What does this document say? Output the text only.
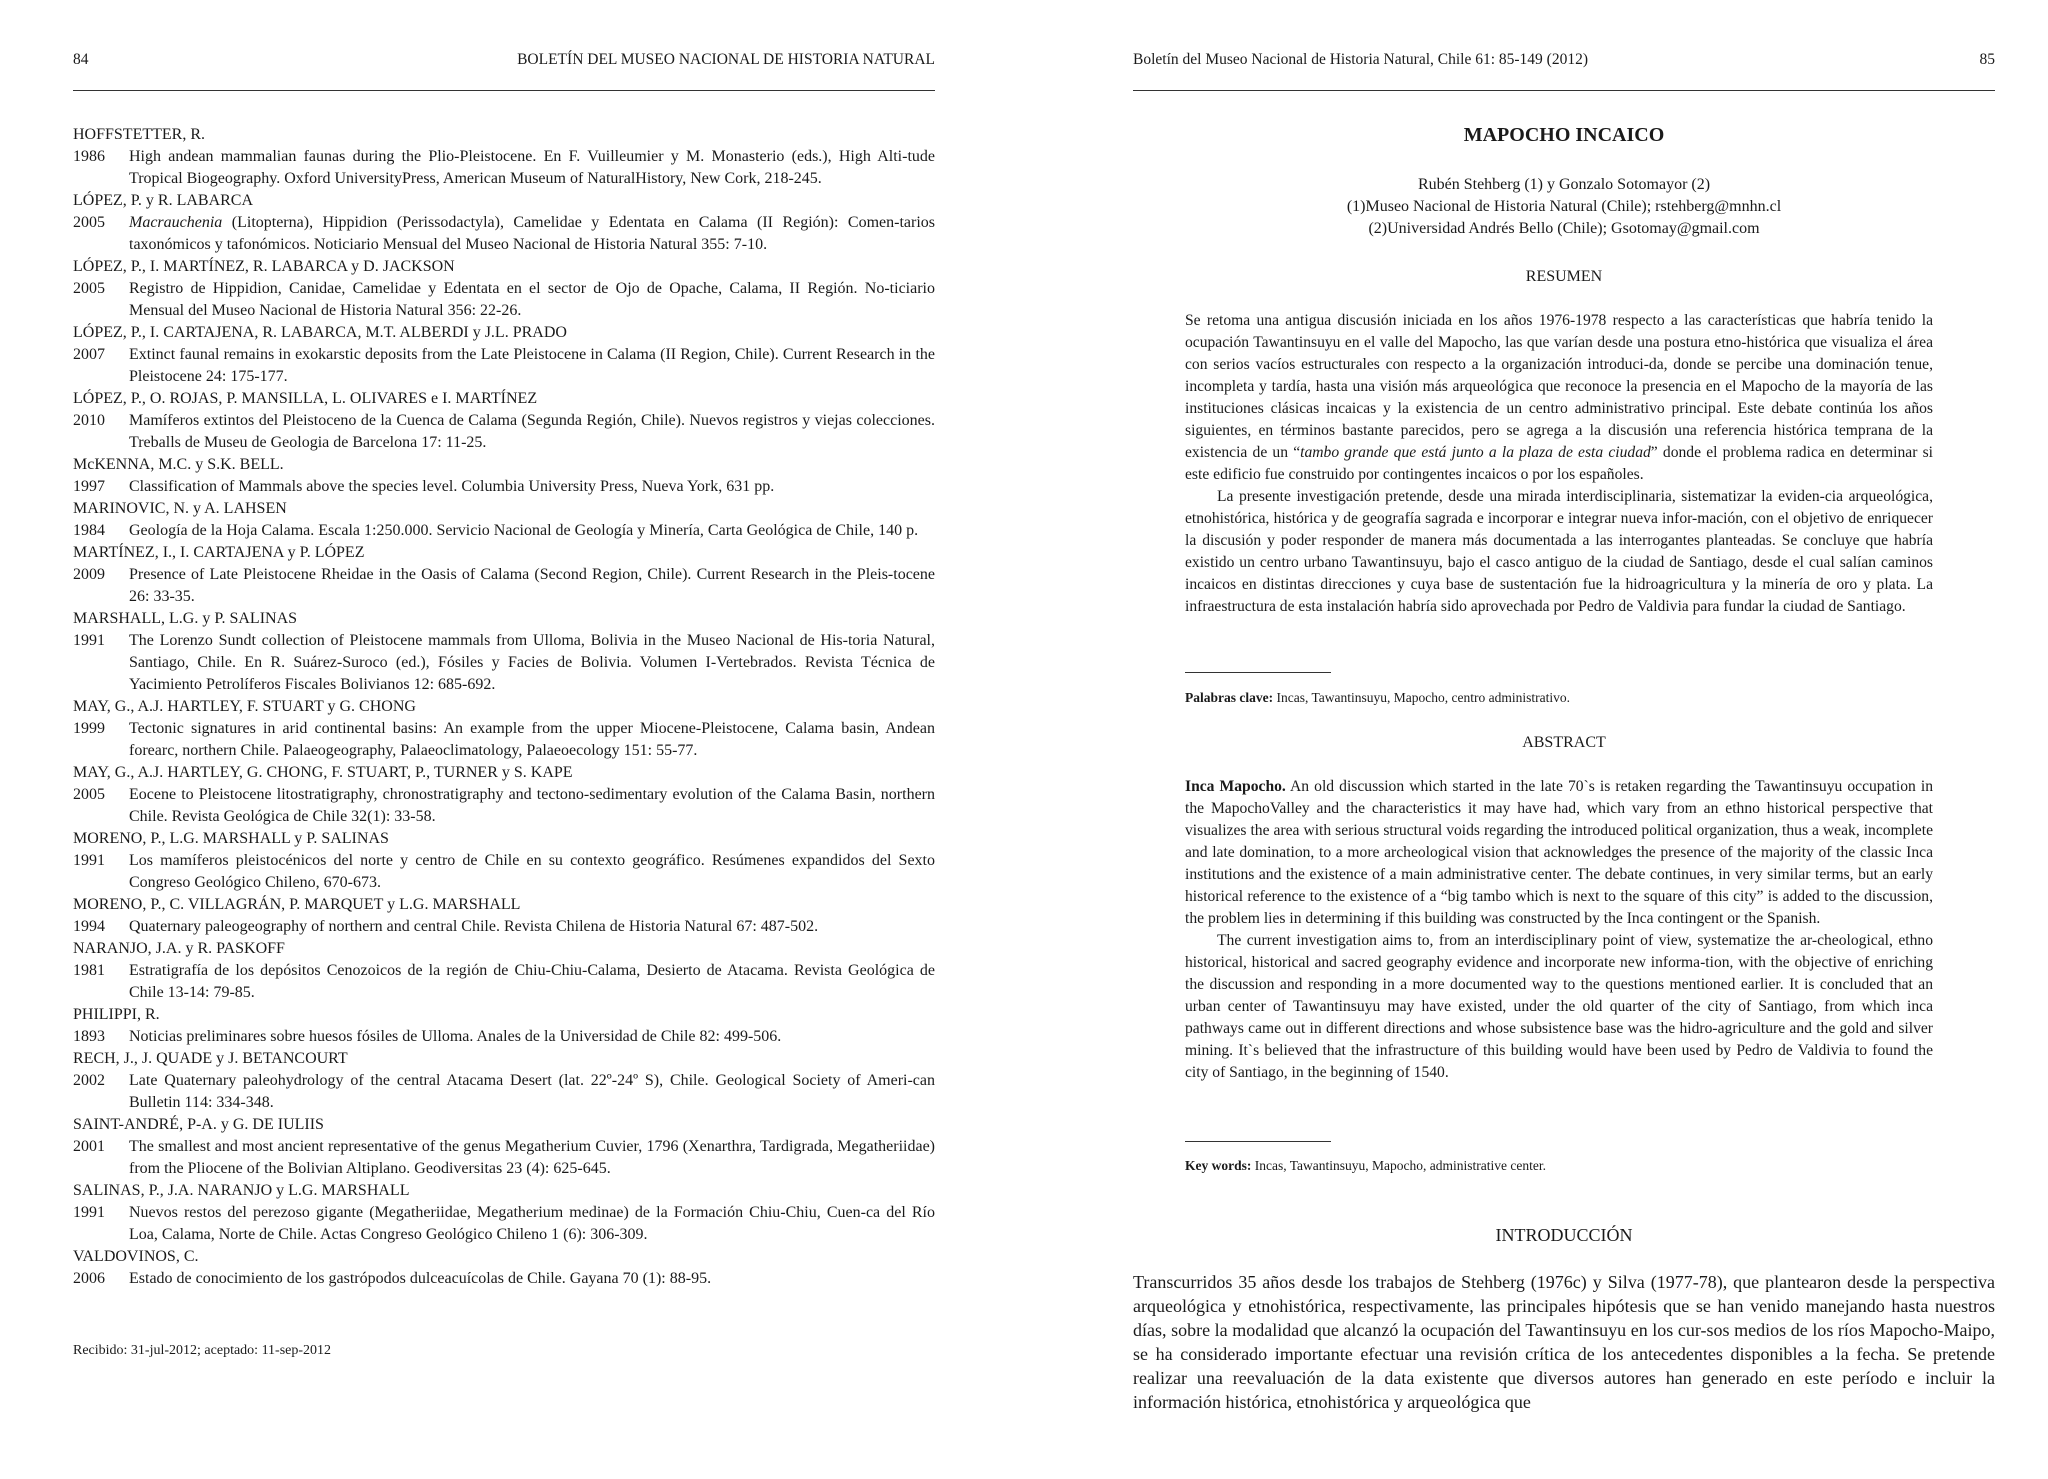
84	BOLETÍN DEL MUSEO NACIONAL DE HISTORIA NATURAL
HOFFSTETTER, R.
1986	High andean mammalian faunas during the Plio-Pleistocene. En F. Vuilleumier y M. Monasterio (eds.), High Alti-tude Tropical Biogeography. Oxford UniversityPress, American Museum of NaturalHistory, New Cork, 218-245.
LÓPEZ, P. y R. LABARCA
2005	Macrauchenia (Litopterna), Hippidion (Perissodactyla), Camelidae y Edentata en Calama (II Región): Comen-tarios taxonómicos y tafonómicos. Noticiario Mensual del Museo Nacional de Historia Natural 355: 7-10.
LÓPEZ, P., I. MARTÍNEZ, R. LABARCA y D. JACKSON
2005	Registro de Hippidion, Canidae, Camelidae y Edentata en el sector de Ojo de Opache, Calama, II Región. No-ticiario Mensual del Museo Nacional de Historia Natural 356: 22-26.
LÓPEZ, P., I. CARTAJENA, R. LABARCA, M.T. ALBERDI y J.L. PRADO
2007	Extinct faunal remains in exokarstic deposits from the Late Pleistocene in Calama (II Region, Chile). Current Research in the Pleistocene 24: 175-177.
LÓPEZ, P., O. ROJAS, P. MANSILLA, L. OLIVARES e I. MARTÍNEZ
2010	Mamíferos extintos del Pleistoceno de la Cuenca de Calama (Segunda Región, Chile). Nuevos registros y viejas colecciones. Treballs de Museu de Geologia de Barcelona 17: 11-25.
McKENNA, M.C. y S.K. BELL.
1997	Classification of Mammals above the species level. Columbia University Press, Nueva York, 631 pp.
MARINOVIC, N. y A. LAHSEN
1984	Geología de la Hoja Calama. Escala 1:250.000. Servicio Nacional de Geología y Minería, Carta Geológica de Chile, 140 p.
MARTÍNEZ, I., I. CARTAJENA y P. LÓPEZ
2009	Presence of Late Pleistocene Rheidae in the Oasis of Calama (Second Region, Chile). Current Research in the Pleis-tocene 26: 33-35.
MARSHALL, L.G. y P. SALINAS
1991	The Lorenzo Sundt collection of Pleistocene mammals from Ulloma, Bolivia in the Museo Nacional de His-toria Natural, Santiago, Chile. En R. Suárez-Suroco (ed.), Fósiles y Facies de Bolivia. Volumen I-Vertebrados. Revista Técnica de Yacimiento Petrolíferos Fiscales Bolivianos 12: 685-692.
MAY, G., A.J. HARTLEY, F. STUART y G. CHONG
1999	Tectonic signatures in arid continental basins: An example from the upper Miocene-Pleistocene, Calama basin, Andean forearc, northern Chile. Palaeogeography, Palaeoclimatology, Palaeoecology 151: 55-77.
MAY, G., A.J. HARTLEY, G. CHONG, F. STUART, P., TURNER y S. KAPE
2005	Eocene to Pleistocene litostratigraphy, chronostratigraphy and tectono-sedimentary evolution of the Calama Basin, northern Chile. Revista Geológica de Chile 32(1): 33-58.
MORENO, P., L.G. MARSHALL y P. SALINAS
1991	Los mamíferos pleistocénicos del norte y centro de Chile en su contexto geográfico. Resúmenes expandidos del Sexto Congreso Geológico Chileno, 670-673.
MORENO, P., C. VILLAGRÁN, P. MARQUET y L.G. MARSHALL
1994	Quaternary paleogeography of northern and central Chile. Revista Chilena de Historia Natural 67: 487-502.
NARANJO, J.A. y R. PASKOFF
1981	Estratigrafía de los depósitos Cenozoicos de la región de Chiu-Chiu-Calama, Desierto de Atacama. Revista Geológica de Chile 13-14: 79-85.
PHILIPPI, R.
1893	Noticias preliminares sobre huesos fósiles de Ulloma. Anales de la Universidad de Chile 82: 499-506.
RECH, J., J. QUADE y J. BETANCOURT
2002	Late Quaternary paleohydrology of the central Atacama Desert (lat. 22º-24º S), Chile. Geological Society of Ameri-can Bulletin 114: 334-348.
SAINT-ANDRÉ, P-A. y G. DE IULIIS
2001	The smallest and most ancient representative of the genus Megatherium Cuvier, 1796 (Xenarthra, Tardigrada, Megatheriidae) from the Pliocene of the Bolivian Altiplano. Geodiversitas 23 (4): 625-645.
SALINAS, P., J.A. NARANJO y L.G. MARSHALL
1991	Nuevos restos del perezoso gigante (Megatheriidae, Megatherium medinae) de la Formación Chiu-Chiu, Cuen-ca del Río Loa, Calama, Norte de Chile. Actas Congreso Geológico Chileno 1 (6): 306-309.
VALDOVINOS, C.
2006	Estado de conocimiento de los gastrópodos dulceacuícolas de Chile. Gayana 70 (1): 88-95.
Recibido: 31-jul-2012; aceptado: 11-sep-2012
Boletín del Museo Nacional de Historia Natural, Chile 61: 85-149 (2012)	85
MAPOCHO INCAICO
Rubén Stehberg (1) y Gonzalo Sotomayor (2)
(1)Museo Nacional de Historia Natural (Chile); rstehberg@mnhn.cl
(2)Universidad Andrés Bello (Chile); Gsotomay@gmail.com
RESUMEN

Se retoma una antigua discusión iniciada en los años 1976-1978 respecto a las características que habría tenido la ocupación Tawantinsuyu en el valle del Mapocho, las que varían desde una postura etno-histórica que visualiza el área con serios vacíos estructurales con respecto a la organización introduci-da, donde se percibe una dominación tenue, incompleta y tardía, hasta una visión más arqueológica que reconoce la presencia en el Mapocho de la mayoría de las instituciones clásicas incaicas y la existencia de un centro administrativo principal. Este debate continúa los años siguientes, en términos bastante parecidos, pero se agrega a la discusión una referencia histórica temprana de la existencia de un “tambo grande que está junto a la plaza de esta ciudad” donde el problema radica en determinar si este edificio fue construido por contingentes incaicos o por los españoles.

La presente investigación pretende, desde una mirada interdisciplinaria, sistematizar la eviden-cia arqueológica, etnohistórica, histórica y de geografía sagrada e incorporar e integrar nueva infor-mación, con el objetivo de enriquecer la discusión y poder responder de manera más documentada a las interrogantes planteadas. Se concluye que habría existido un centro urbano Tawantinsuyu, bajo el casco antiguo de la ciudad de Santiago, desde el cual salían caminos incaicos en distintas direcciones y cuya base de sustentación fue la hidroagricultura y la minería de oro y plata. La infraestructura de esta instalación habría sido aprovechada por Pedro de Valdivia para fundar la ciudad de Santiago.

Palabras clave: Incas, Tawantinsuyu, Mapocho, centro administrativo.
ABSTRACT

Inca Mapocho. An old discussion which started in the late 70`s is retaken regarding the Tawantinsuyu occupation in the MapochoValley and the characteristics it may have had, which vary from an ethno historical perspective that visualizes the area with serious structural voids regarding the introduced political organization, thus a weak, incomplete and late domination, to a more archeological vision that acknowledges the presence of the majority of the classic Inca institutions and the existence of a main administrative center. The debate continues, in very similar terms, but an early historical reference to the existence of a “big tambo which is next to the square of this city” is added to the discussion, the problem lies in determining if this building was constructed by the Inca contingent or the Spanish.

The current investigation aims to, from an interdisciplinary point of view, systematize the ar-cheological, ethno historical, historical and sacred geography evidence and incorporate new informa-tion, with the objective of enriching the discussion and responding in a more documented way to the questions mentioned earlier. It is concluded that an urban center of Tawantinsuyu may have existed, under the old quarter of the city of Santiago, from which inca pathways came out in different directions and whose subsistence base was the hidro-agriculture and the gold and silver mining. It`s believed that the infrastructure of this building would have been used by Pedro de Valdivia to found the city of Santiago, in the beginning of 1540.

Key words: Incas, Tawantinsuyu, Mapocho, administrative center.
INTRODUCCIÓN

Transcurridos 35 años desde los trabajos de Stehberg (1976c) y Silva (1977-78), que plantearon desde la perspectiva arqueológica y etnohistórica, respectivamente, las principales hipótesis que se han venido manejando hasta nuestros días, sobre la modalidad que alcanzó la ocupación del Tawantinsuyu en los cur-sos medios de los ríos Mapocho-Maipo, se ha considerado importante efectuar una revisión crítica de los antecedentes disponibles a la fecha. Se pretende realizar una reevaluación de la data existente que diversos autores han generado en este período e incluir la información histórica, etnohistórica y arqueológica que
